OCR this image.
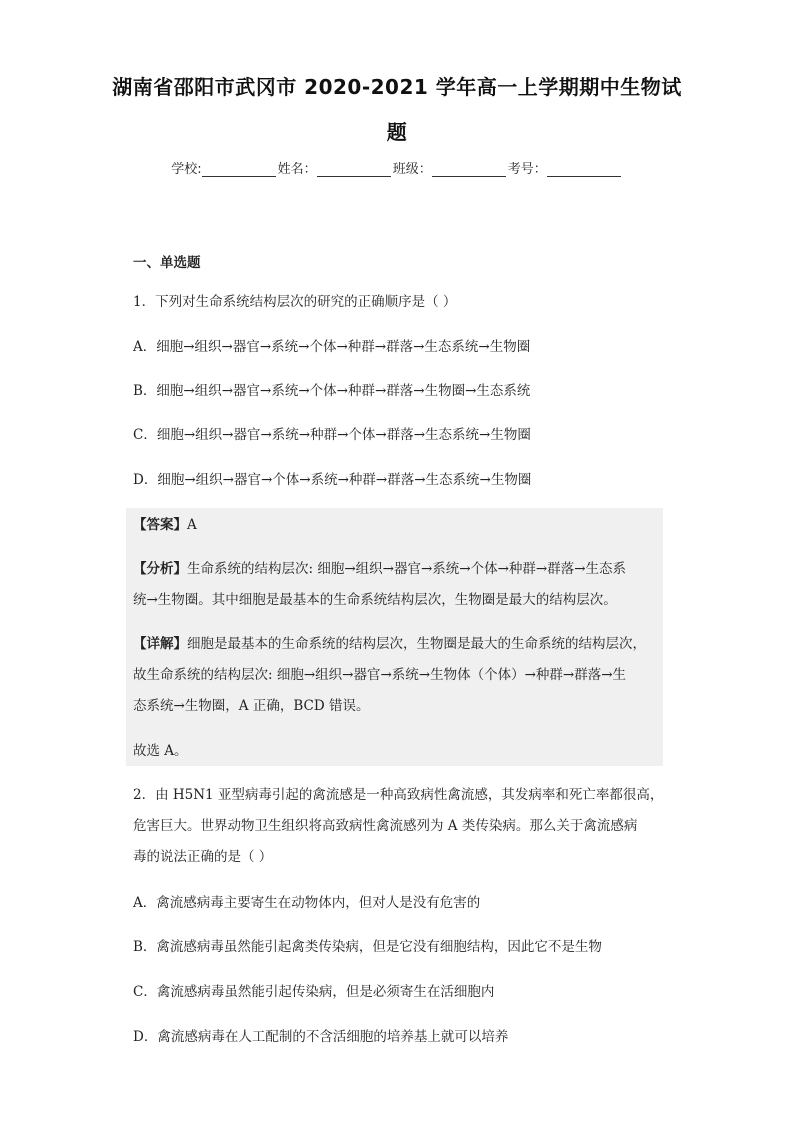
湖南省邵阳市武冈市 2020-2021 学年高一上学期期中生物试
题
学校:	姓名：	班级：	考号：
一、单选题
1．下列对生命系统结构层次的研究的正确顺序是（ ）
A．细胞→组织→器官→系统→个体→种群→群落→生态系统→生物圈
B．细胞→组织→器官→系统→个体→种群→群落→生物圈→生态系统
C．细胞→组织→器官→系统→种群→个体→群落→生态系统→生物圈
D．细胞→组织→器官→个体→系统→种群→群落→生态系统→生物圈
【答案】A
【分析】生命系统的结构层次: 细胞→组织→器官→系统→个体→种群→群落→生态系
统→生物圈。其中细胞是最基本的生命系统结构层次，生物圈是最大的结构层次。
【详解】细胞是最基本的生命系统的结构层次，生物圈是最大的生命系统的结构层次，
故生命系统的结构层次: 细胞→组织→器官→系统→生物体（个体）→种群→群落→生
态系统→生物圈，A 正确，BCD 错误。
故选 A。
2．由 H5N1 亚型病毒引起的禽流感是一种高致病性禽流感，其发病率和死亡率都很高，
危害巨大。世界动物卫生组织将高致病性禽流感列为 A 类传染病。那么关于禽流感病
毒的说法正确的是（ ）
A．禽流感病毒主要寄生在动物体内，但对人是没有危害的
B．禽流感病毒虽然能引起禽类传染病，但是它没有细胞结构，因此它不是生物
C．禽流感病毒虽然能引起传染病，但是必须寄生在活细胞内
D．禽流感病毒在人工配制的不含活细胞的培养基上就可以培养
